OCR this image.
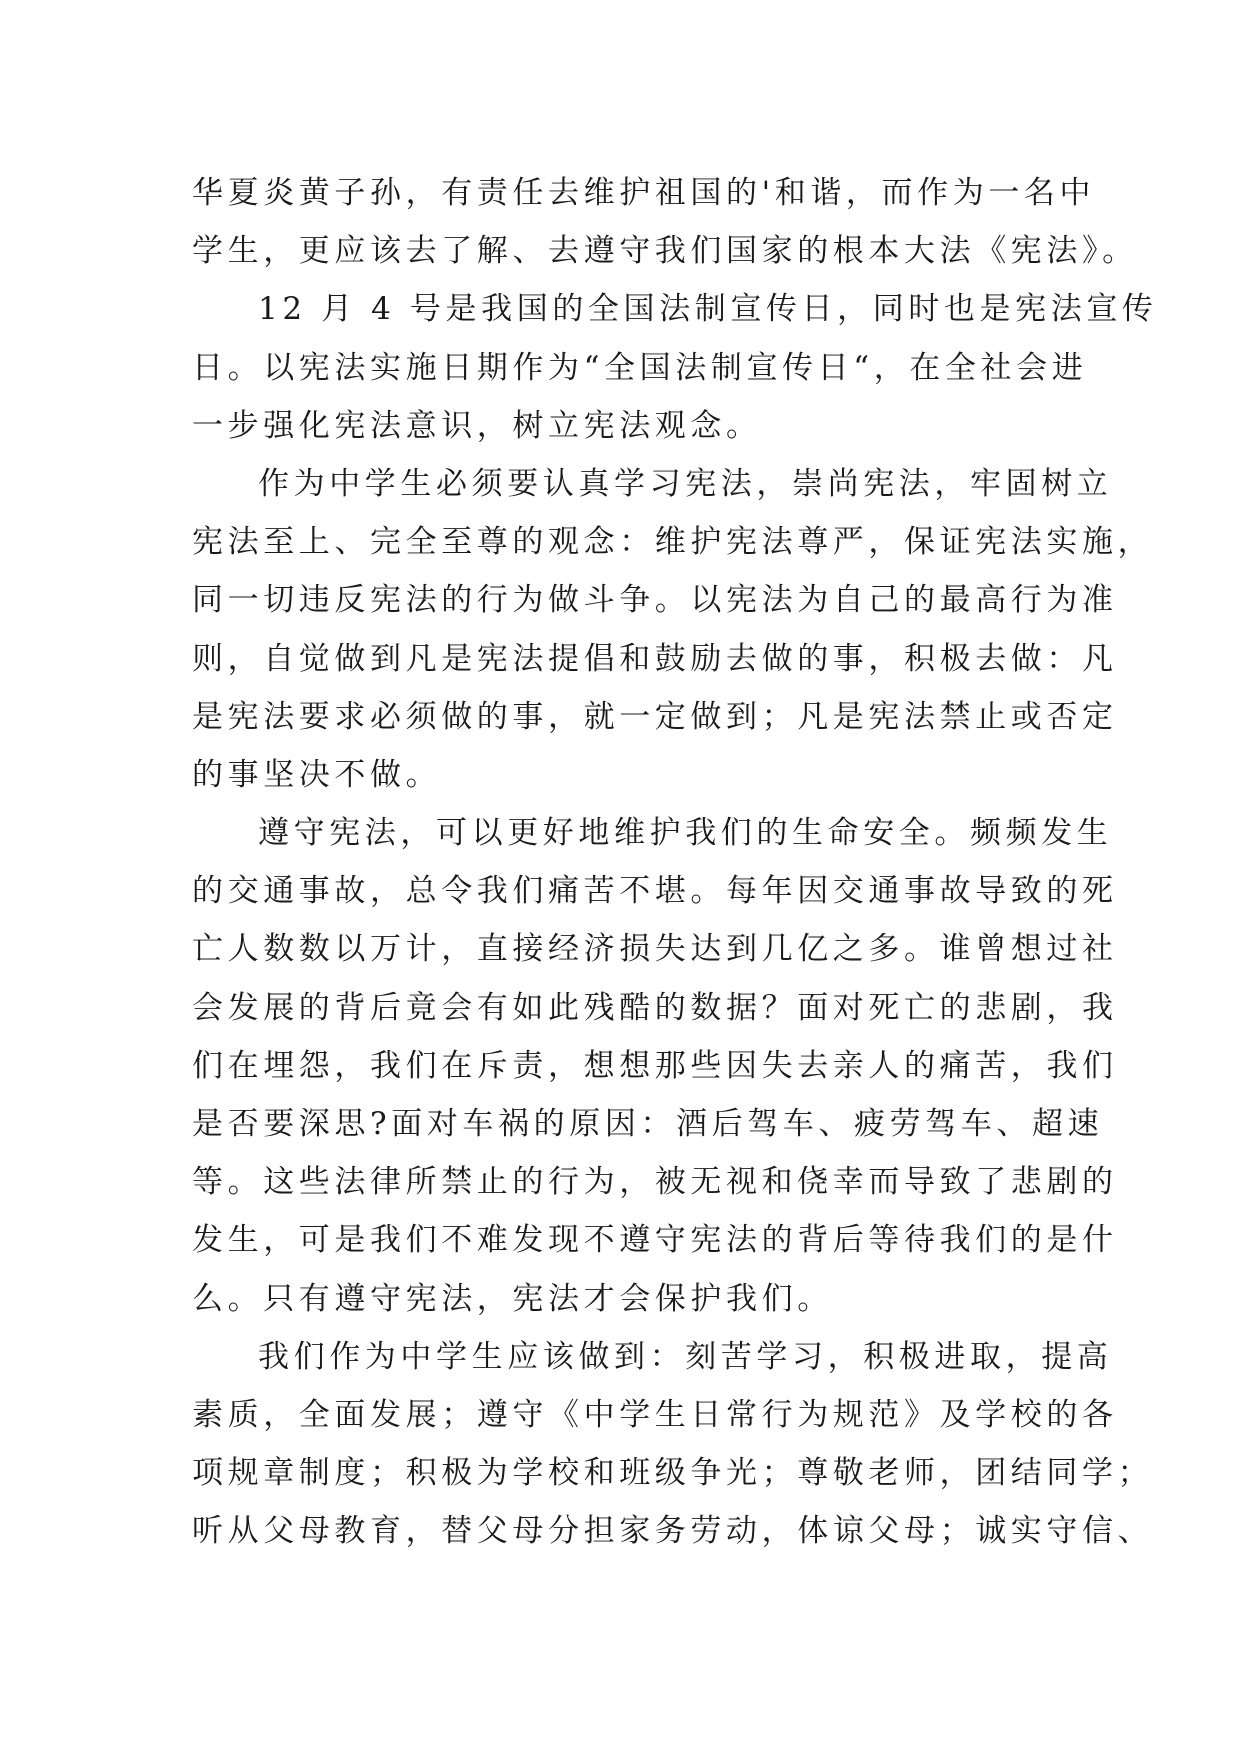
华夏炎黄子孙，有责任去维护祖国的'和谐，而作为一名中
学生，更应该去了解、去遵守我们国家的根本大法《宪法》。
12 月 4 号是我国的全国法制宣传日，同时也是宪法宣传
日。以宪法实施日期作为“全国法制宣传日“，在全社会进
一步强化宪法意识，树立宪法观念。
作为中学生必须要认真学习宪法，崇尚宪法，牢固树立
宪法至上、完全至尊的观念：维护宪法尊严，保证宪法实施，
同一切违反宪法的行为做斗争。以宪法为自己的最高行为准
则，自觉做到凡是宪法提倡和鼓励去做的事，积极去做：凡
是宪法要求必须做的事，就一定做到；凡是宪法禁止或否定
的事坚决不做。
遵守宪法，可以更好地维护我们的生命安全。频频发生
的交通事故，总令我们痛苦不堪。每年因交通事故导致的死
亡人数数以万计，直接经济损失达到几亿之多。谁曾想过社
会发展的背后竟会有如此残酷的数据？面对死亡的悲剧，我
们在埋怨，我们在斥责，想想那些因失去亲人的痛苦，我们
是否要深思?面对车祸的原因：酒后驾车、疲劳驾车、超速
等。这些法律所禁止的行为，被无视和侥幸而导致了悲剧的
发生，可是我们不难发现不遵守宪法的背后等待我们的是什
么。只有遵守宪法，宪法才会保护我们。
我们作为中学生应该做到：刻苦学习，积极进取，提高
素质，全面发展；遵守《中学生日常行为规范》及学校的各
项规章制度；积极为学校和班级争光；尊敬老师，团结同学；
听从父母教育，替父母分担家务劳动，体谅父母；诚实守信、
